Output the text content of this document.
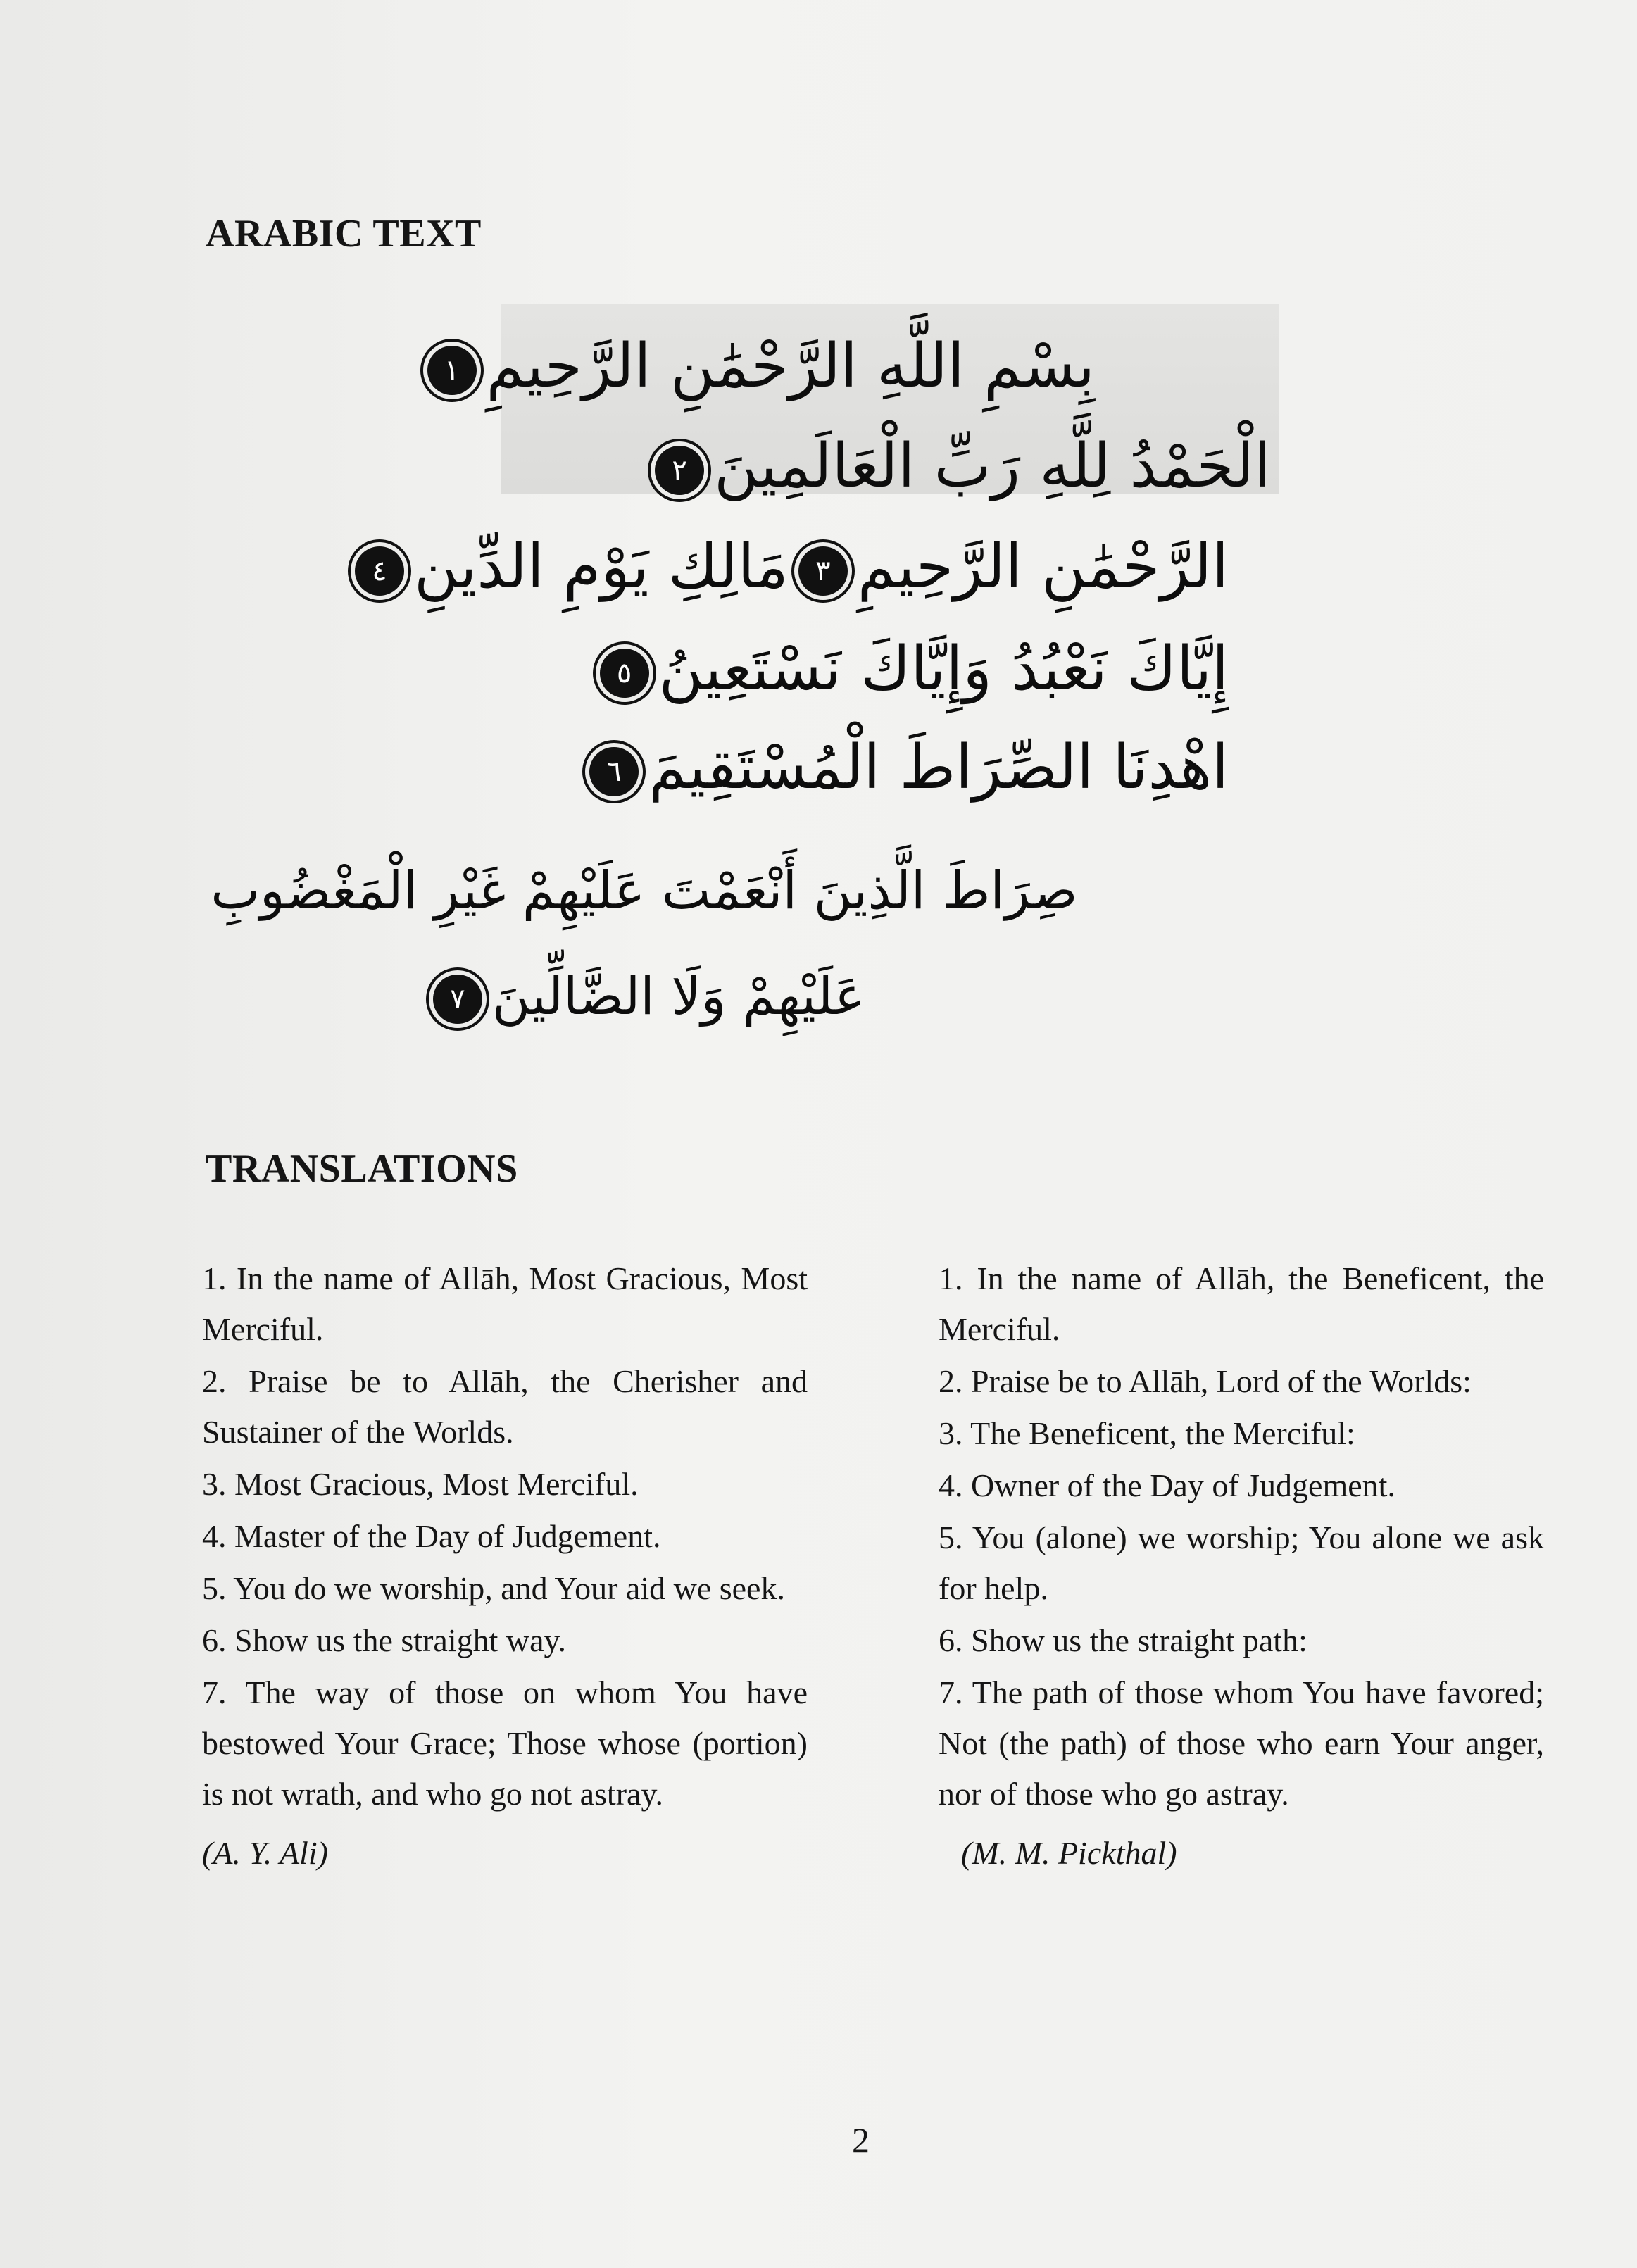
ARABIC TEXT
بِسْمِ اللَّهِ الرَّحْمَٰنِ الرَّحِيمِ١
الْحَمْدُ لِلَّهِ رَبِّ الْعَالَمِينَ٢
الرَّحْمَٰنِ الرَّحِيمِ٣مَالِكِ يَوْمِ الدِّينِ٤
إِيَّاكَ نَعْبُدُ وَإِيَّاكَ نَسْتَعِينُ٥
اهْدِنَا الصِّرَاطَ الْمُسْتَقِيمَ٦
صِرَاطَ الَّذِينَ أَنْعَمْتَ عَلَيْهِمْ غَيْرِ الْمَغْضُوبِ عَلَيْهِمْ وَلَا الضَّالِّينَ٧
TRANSLATIONS
1. In the name of Allāh, Most Gracious, Most Merciful.
2. Praise be to Allāh, the Cherisher and Sustainer of the Worlds.
3. Most Gracious, Most Merciful.
4. Master of the Day of Judgement.
5. You do we worship, and Your aid we seek.
6. Show us the straight way.
7. The way of those on whom You have bestowed Your Grace; Those whose (portion) is not wrath, and who go not astray.
(A. Y. Ali)
1. In the name of Allāh, the Beneficent, the Merciful.
2. Praise be to Allāh, Lord of the Worlds:
3. The Beneficent, the Merciful:
4. Owner of the Day of Judgement.
5. You (alone) we worship; You alone we ask for help.
6. Show us the straight path:
7. The path of those whom You have favored; Not (the path) of those who earn Your anger, nor of those who go astray.
(M. M. Pickthal)
2
